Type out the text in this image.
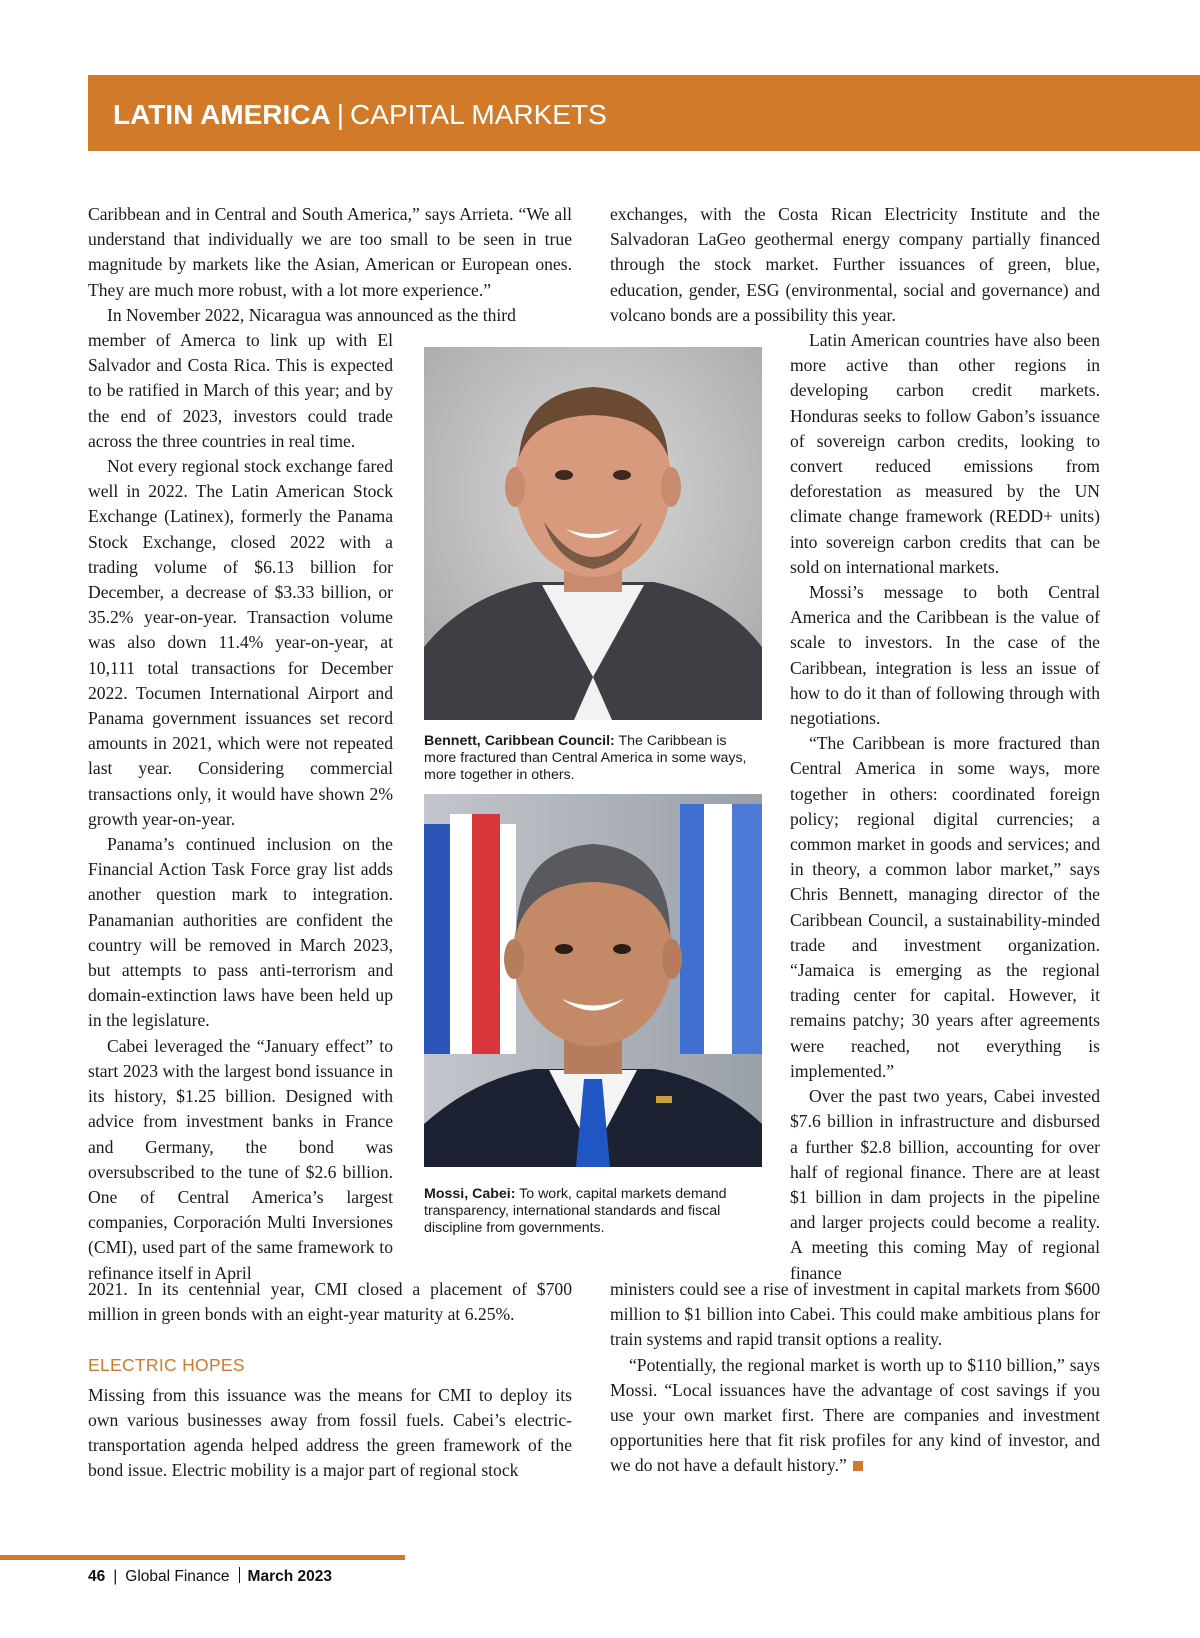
LATIN AMERICA | CAPITAL MARKETS

Caribbean and in Central and South America,” says Arrieta. “We all understand that individually we are too small to be seen in true magnitude by markets like the Asian, American or European ones. They are much more robust, with a lot more experience.”

In November 2022, Nicaragua was announced as the third

member of Amerca to link up with El Salvador and Costa Rica. This is expected to be ratified in March of this year; and by the end of 2023, investors could trade across the three countries in real time.

Not every regional stock exchange fared well in 2022. The Latin American Stock Exchange (Latinex), formerly the Panama Stock Exchange, closed 2022 with a trading volume of $6.13 billion for December, a decrease of $3.33 billion, or 35.2% year-on-year. Transaction volume was also down 11.4% year-on-year, at 10,111 total transactions for December 2022. Tocumen International Airport and Panama government issuances set record amounts in 2021, which were not repeated last year. Considering commercial transactions only, it would have shown 2% growth year-on-year.

Panama’s continued inclusion on the Financial Action Task Force gray list adds another question mark to integration. Panamanian authorities are confident the country will be removed in March 2023, but attempts to pass anti-terrorism and domain-extinction laws have been held up in the legislature.

Cabei leveraged the “January effect” to start 2023 with the largest bond issuance in its history, $1.25 billion. Designed with advice from investment banks in France and Germany, the bond was oversubscribed to the tune of $2.6 billion. One of Central America’s largest companies, Corporación Multi Inversiones (CMI), used part of the same framework to refinance itself in April

2021. In its centennial year, CMI closed a placement of $700 million in green bonds with an eight-year maturity at 6.25%.

ELECTRIC HOPES

Missing from this issuance was the means for CMI to deploy its own various businesses away from fossil fuels. Cabei’s electric-transportation agenda helped address the green framework of the bond issue. Electric mobility is a major part of regional stock

exchanges, with the Costa Rican Electricity Institute and the Salvadoran LaGeo geothermal energy company partially financed through the stock market. Further issuances of green, blue, education, gender, ESG (environmental, social and governance) and volcano bonds are a possibility this year.

Latin American countries have also been more active than other regions in developing carbon credit markets. Honduras seeks to follow Gabon’s issuance of sovereign carbon credits, looking to convert reduced emissions from deforestation as measured by the UN climate change framework (REDD+ units) into sovereign carbon credits that can be sold on international markets.

Mossi’s message to both Central America and the Caribbean is the value of scale to investors. In the case of the Caribbean, integration is less an issue of how to do it than of following through with negotiations.

“The Caribbean is more fractured than Central America in some ways, more together in others: coordinated foreign policy; regional digital currencies; a common market in goods and services; and in theory, a common labor market,” says Chris Bennett, managing director of the Caribbean Council, a sustainability-minded trade and investment organization. “Jamaica is emerging as the regional trading center for capital. However, it remains patchy; 30 years after agreements were reached, not everything is implemented.”

Over the past two years, Cabei invested $7.6 billion in infrastructure and disbursed a further $2.8 billion, accounting for over half of regional finance. There are at least $1 billion in dam projects in the pipeline and larger projects could become a reality. A meeting this coming May of regional finance

ministers could see a rise of investment in capital markets from $600 million to $1 billion into Cabei. This could make ambitious plans for train systems and rapid transit options a reality.

“Potentially, the regional market is worth up to $110 billion,” says Mossi. “Local issuances have the advantage of cost savings if you use your own market first. There are companies and investment opportunities here that fit risk profiles for any kind of investor, and we do not have a default history.”

Bennett, Caribbean Council: The Caribbean is more fractured than Central America in some ways, more together in others.
Mossi, Cabei: To work, capital markets demand transparency, international standards and fiscal discipline from governments.
46 | Global Finance March 2023
